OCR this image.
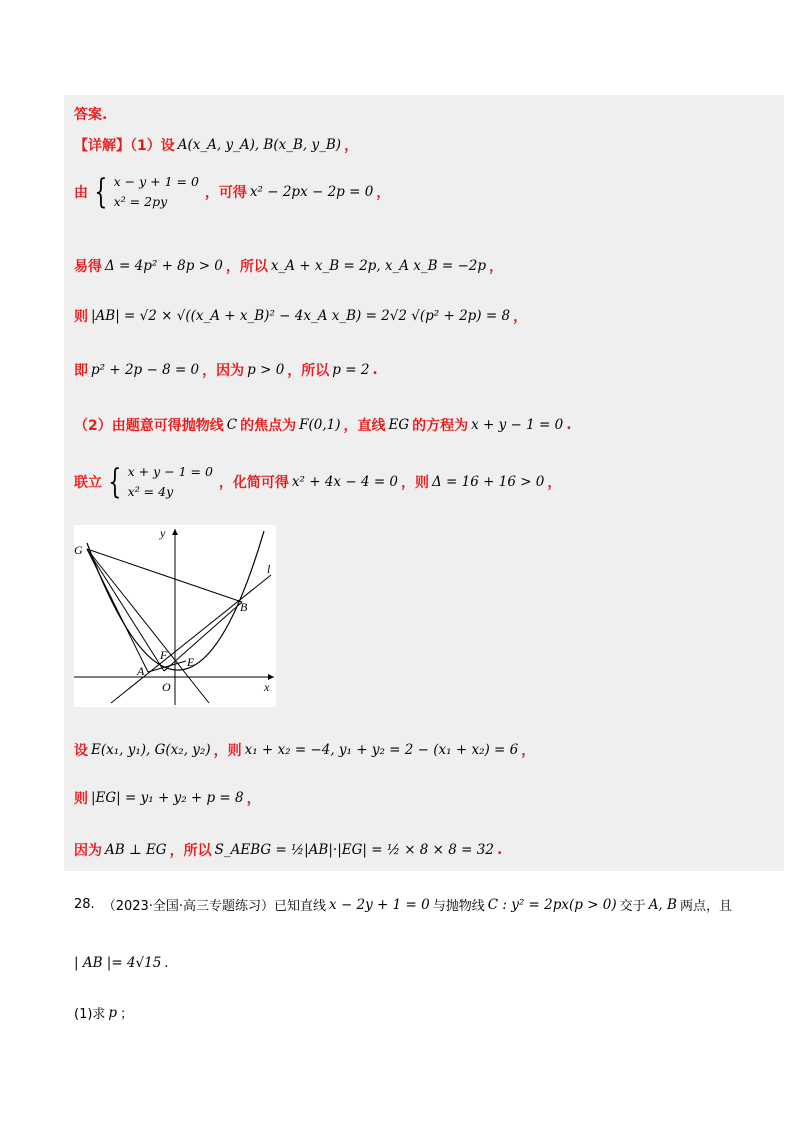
答案.
【详解】（1）设 A(x_A, y_A), B(x_B, y_B) ，
由 { x − y + 1 = 0
x² = 2py
，可得 x² − 2px − 2p = 0 ，
易得 Δ = 4p² + 8p > 0 ，所以 x_A + x_B = 2p, x_A x_B = −2p ，
则 |AB| = √2 × √((x_A + x_B)² − 4x_A x_B) = 2√2 √(p² + 2p) = 8 ，
即 p² + 2p − 8 = 0 ，因为 p > 0 ，所以 p = 2 .
（2）由题意可得抛物线 C 的焦点为 F(0,1) ，直线 EG 的方程为 x + y − 1 = 0 .
联立 { x + y − 1 = 0
x² = 4y
，化简可得 x² + 4x − 4 = 0 ，则 Δ = 16 + 16 > 0 ，
y
x
O
G
B
A
F E
l
设 E(x₁, y₁), G(x₂, y₂) ，则 x₁ + x₂ = −4, y₁ + y₂ = 2 − (x₁ + x₂) = 6 ，
则 |EG| = y₁ + y₂ + p = 8 ，
因为 AB ⊥ EG ，所以 S_AEBG = ½|AB|·|EG| = ½ × 8 × 8 = 32 .
28. （2023·全国·高三专题练习）已知直线 x − 2y + 1 = 0 与抛物线 C : y² = 2px(p > 0) 交于 A, B 两点，且
| AB |= 4√15 .
(1)求 p ；
